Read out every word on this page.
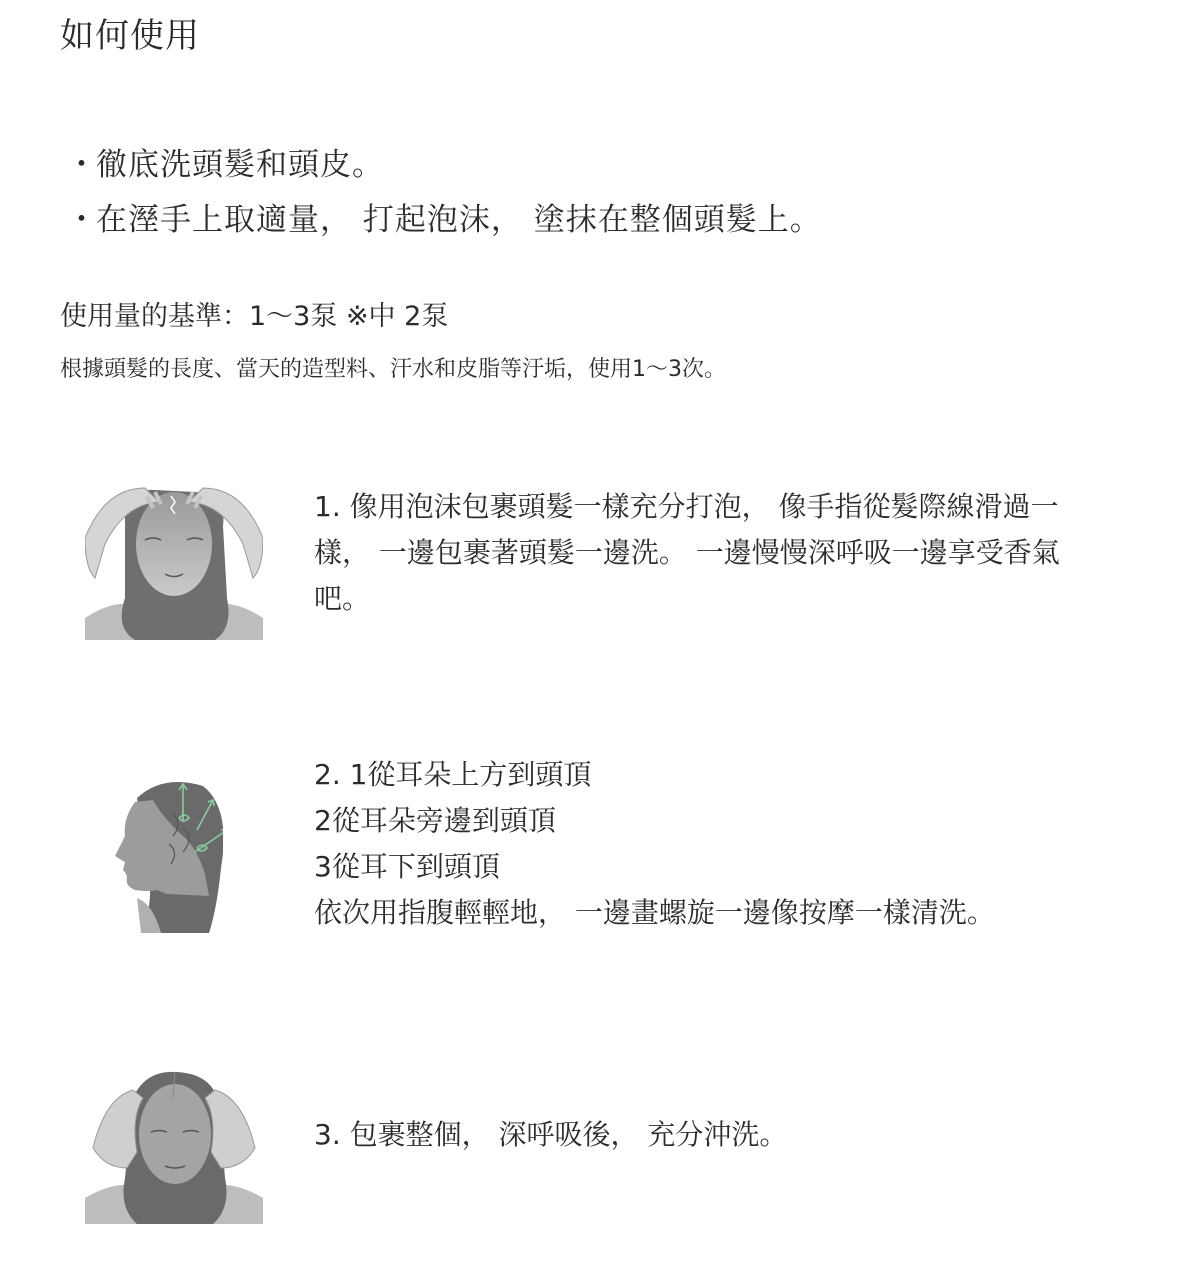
如何使用
・徹底洗頭髮和頭皮。
・在溼手上取適量， 打起泡沫， 塗抹在整個頭髮上。
使用量的基準：1〜3泵 ※中 2泵
根據頭髮的長度、當天的造型料、汗水和皮脂等汙垢，使用1〜3次。
1. 像用泡沫包裹頭髮一樣充分打泡， 像手指從髮際線滑過一
樣， 一邊包裹著頭髮一邊洗。 一邊慢慢深呼吸一邊享受香氣
吧。
2. 1從耳朵上方到頭頂
2從耳朵旁邊到頭頂
3從耳下到頭頂
依次用指腹輕輕地， 一邊畫螺旋一邊像按摩一樣清洗。
3. 包裹整個， 深呼吸後， 充分沖洗。
